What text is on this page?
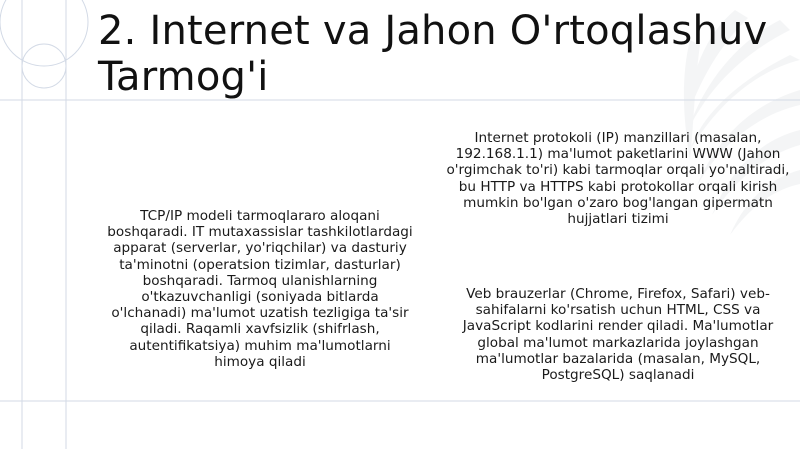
2. Internet va Jahon O'rtoqlashuv Tarmog'i
TCP/IP modeli tarmoqlararo aloqani boshqaradi. IT mutaxassislar tashkilotlardagi apparat (serverlar, yo'riqchilar) va dasturiy ta'minotni (operatsion tizimlar, dasturlar) boshqaradi. Tarmoq ulanishlarning o'tkazuvchanligi (soniyada bitlarda o'lchanadi) ma'lumot uzatish tezligiga ta'sir qiladi. Raqamli xavfsizlik (shifrlash, autentifikatsiya) muhim ma'lumotlarni himoya qiladi
Internet protokoli (IP) manzillari (masalan, 192.168.1.1) ma'lumot paketlarini WWW (Jahon o'rgimchak to'ri) kabi tarmoqlar orqali yo'naltiradi, bu HTTP va HTTPS kabi protokollar orqali kirish mumkin bo'lgan o'zaro bog'langan gipermatn hujjatlari tizimi
Veb brauzerlar (Chrome, Firefox, Safari) veb-sahifalarni ko'rsatish uchun HTML, CSS va JavaScript kodlarini render qiladi. Ma'lumotlar global ma'lumot markazlarida joylashgan ma'lumotlar bazalarida (masalan, MySQL, PostgreSQL) saqlanadi
